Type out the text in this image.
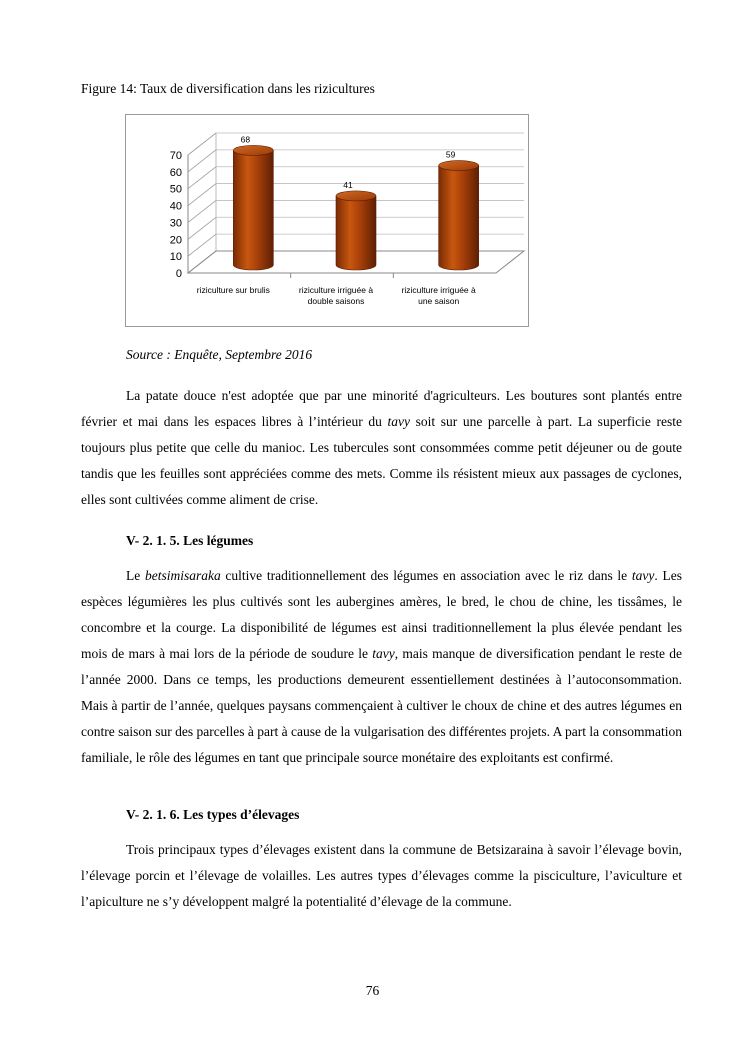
Figure 14: Taux de diversification dans les rizicultures
0
10
20
30
40
50
60
70
68
riziculture sur brulis
41
riziculture irriguée à
double saisons
59
riziculture irriguée à
une saison
Source : Enquête, Septembre 2016

La patate douce n'est adoptée que par une minorité d'agriculteurs. Les boutures sont plantés entre février et mai dans les espaces libres à l’intérieur du tavy soit sur une parcelle à part. La superficie reste toujours plus petite que celle du manioc. Les tubercules sont consommées comme petit déjeuner ou de goute tandis que les feuilles sont appréciées comme des mets. Comme ils résistent mieux aux passages de cyclones, elles sont cultivées comme aliment de crise.

V- 2. 1. 5. Les légumes

Le betsimisaraka cultive traditionnellement des légumes en association avec le riz dans le tavy. Les espèces légumières les plus cultivés sont les aubergines amères, le bred, le chou de chine, les tissâmes, le concombre et la courge. La disponibilité de légumes est ainsi traditionnellement la plus élevée pendant les mois de mars à mai lors de la période de soudure le tavy, mais manque de diversification pendant le reste de l’année 2000. Dans ce temps, les productions demeurent essentiellement destinées à l’autoconsommation. Mais à partir de l’année, quelques paysans commençaient à cultiver le choux de chine et des autres légumes en contre saison sur des parcelles à part à cause de la vulgarisation des différentes projets. A part la consommation familiale, le rôle des légumes en tant que principale source monétaire des exploitants est confirmé.

V- 2. 1. 6. Les types d’élevages

Trois principaux types d’élevages existent dans la commune de Betsizaraina à savoir l’élevage bovin, l’élevage porcin et l’élevage de volailles. Les autres types d’élevages comme la pisciculture, l’aviculture et l’apiculture ne s’y développent malgré la potentialité d’élevage de la commune.

76
